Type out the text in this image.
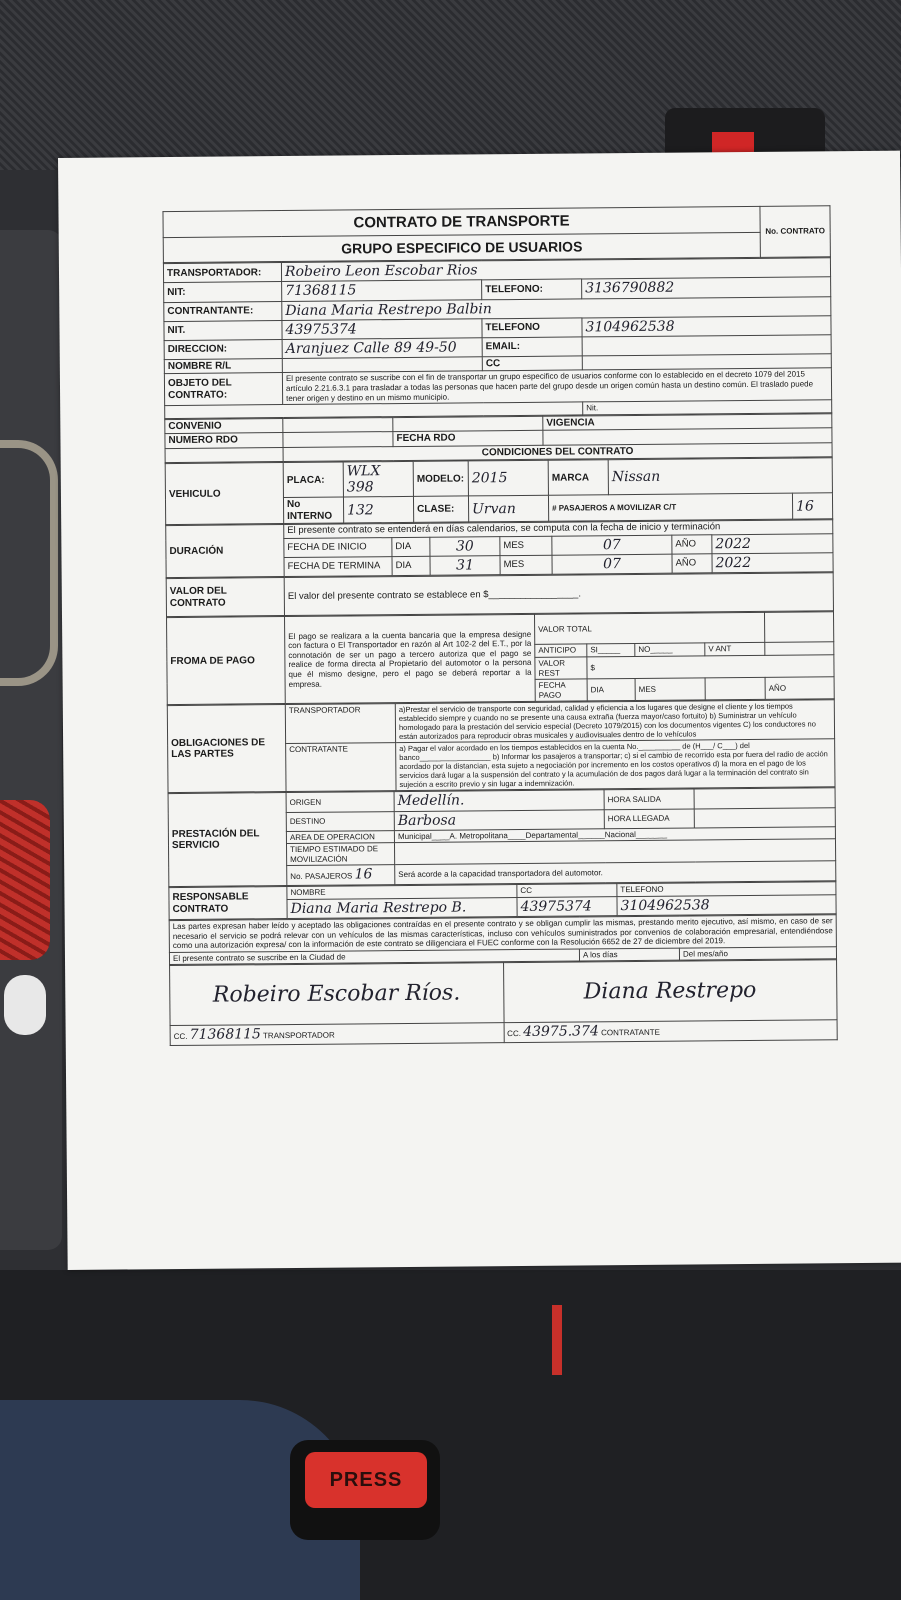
PRESS
CONTRATO DE TRANSPORTE	No. CONTRATO
GRUPO ESPECIFICO DE USUARIOS
TRANSPORTADOR:	Robeiro Leon Escobar Rios		
NIT:	71368115	TELEFONO:	3136790882
CONTRANTANTE:	Diana Maria Restrepo Balbin		
NIT.	43975374	TELEFONO	3104962538
DIRECCION:	Aranjuez Calle 89 49-50	EMAIL:	
NOMBRE R/L		CC	
OBJETO DEL CONTRATO:	El presente contrato se suscribe con el fin de transportar un grupo especifico de usuarios conforme con lo establecido en el decreto 1079 del 2015 artículo 2.21.6.3.1 para trasladar a todas las personas que hacen parte del grupo desde un origen común hasta un destino común. El traslado puede tener origen y destino en un mismo municipio.		
			Nit.
CONVENIO			VIGENCIA
NUMERO RDO		FECHA RDO	
	CONDICIONES DEL CONTRATO		
VEHICULO	PLACA:	WLX 398	MODELO:	2015	MARCA	Nissan	
	No INTERNO	132	CLASE:	Urvan	# PASAJEROS A MOVILIZAR C/T		16
DURACIÓN	El presente contrato se entenderá en días calendarios, se computa con la fecha de inicio y terminación						
	FECHA DE INICIO	DIA	30	MES	07	AÑO	2022
	FECHA DE TERMINA	DIA	31	MES	07	AÑO	2022
VALOR DEL CONTRATO	El valor del presente contrato se establece en $_________________.
FROMA DE PAGO	El pago se realizara a la cuenta bancaria que la empresa designe con factura o El Transportador en razón al Art 102-2 del E.T., por la connotación de ser un pago a tercero autoriza que el pago se realice de forma directa al Propietario del automotor o la persona que él mismo designe, pero el pago se deberá reportar a la empresa.	VALOR TOTAL				
		ANTICIPO	SI_____	NO_____	V ANT	
		VALOR REST	$			
		FECHA PAGO	DIA	MES		AÑO
OBLIGACIONES DE LAS PARTES	TRANSPORTADOR	a)Prestar el servicio de transporte con seguridad, calidad y eficiencia a los lugares que designe el cliente y los tiempos establecido siempre y cuando no se presente una causa extraña (fuerza mayor/caso fortuito) b) Suministrar un vehículo homologado para la prestación del servicio especial (Decreto 1079/2015) con los documentos vigentes C) los conductores no están autorizados para reproducir obras musicales y audiovisuales dentro de lo vehículos
	CONTRATANTE	a) Pagar el valor acordado en los tiempos establecidos en la cuenta No.__________ de (H___/ C___) del banco_________________ b) Informar los pasajeros a transportar; c) si el cambio de recorrido esta por fuera del radio de acción acordado por la distancian, esta sujeto a negociación por incremento en los costos operativos d) la mora en el pago de los servicios dará lugar a la suspensión del contrato y la acumulación de dos pagos dará lugar a la terminación del contrato sin sujeción a escrito previo y sin lugar a indemnización.
PRESTACIÓN DEL SERVICIO	ORIGEN	Medellín.	HORA SALIDA	
	DESTINO	Barbosa	HORA LLEGADA	
	AREA DE OPERACION	Municipal____A. Metropolitana____Departamental______Nacional_______		
	TIEMPO ESTIMADO DE MOVILIZACIÓN			
	No. PASAJEROS 16	Será acorde a la capacidad transportadora del automotor.		
RESPONSABLE CONTRATO	NOMBRE	CC	TELEFONO
	Diana Maria Restrepo B.	43975374	3104962538
Las partes expresan haber leído y aceptado las obligaciones contraídas en el presente contrato y se obligan cumplir las mismas, prestando merito ejecutivo, así mismo, en caso de ser necesario el servicio se podrá relevar con un vehículos de las mismas características, incluso con vehículos suministrados por convenios de colaboración empresarial, entendiéndose como una autorización expresa/ con la información de este contrato se diligenciara el FUEC conforme con la Resolución 6652 de 27 de diciembre del 2019.
El presente contrato se suscribe en la Ciudad de	A los días	Del mes/año
Robeiro Escobar Ríos.	Diana Restrepo
CC. 71368115 TRANSPORTADOR	CC. 43975.374 CONTRATANTE
